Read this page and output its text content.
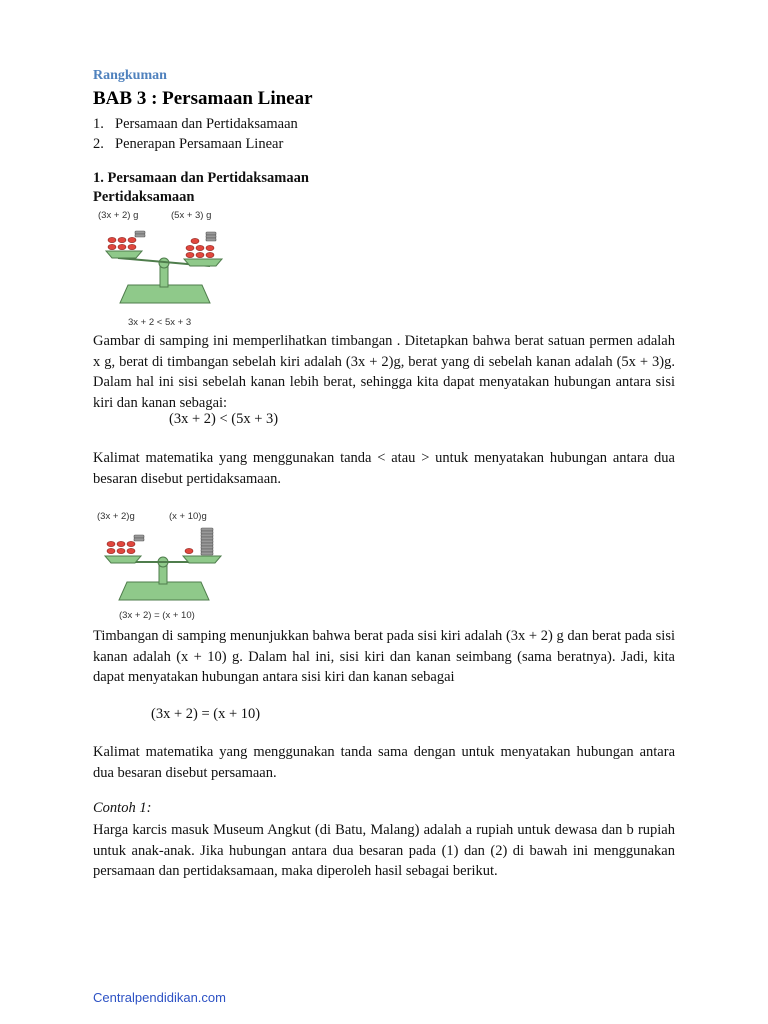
Rangkuman
BAB 3 : Persamaan Linear
1. Persamaan dan Pertidaksamaan
2. Penerapan Persamaan Linear
1. Persamaan dan Pertidaksamaan
Pertidaksamaan
(3x + 2) g	(5x + 3) g
3x + 2 < 5x + 3
Gambar di samping ini memperlihatkan timbangan . Ditetapkan bahwa berat satuan permen adalah x g, berat di timbangan sebelah kiri adalah (3x + 2)g, berat yang di sebelah kanan adalah (5x + 3)g. Dalam hal ini sisi sebelah kanan lebih berat, sehingga kita dapat menyatakan hubungan antara sisi kiri dan kanan sebagai:
(3x + 2) < (5x + 3)
Kalimat matematika yang menggunakan tanda < atau > untuk menyatakan hubungan antara dua besaran disebut pertidaksamaan.
(3x + 2)g	(x + 10)g
(3x + 2) = (x + 10)
Timbangan di samping menunjukkan bahwa berat pada sisi kiri adalah (3x + 2) g dan berat pada sisi kanan adalah (x + 10) g. Dalam hal ini, sisi kiri dan kanan seimbang (sama beratnya). Jadi, kita dapat menyatakan hubungan antara sisi kiri dan kanan sebagai
(3x + 2) = (x + 10)
Kalimat matematika yang menggunakan tanda sama dengan untuk menyatakan hubungan antara dua besaran disebut persamaan.
Contoh 1:
Harga karcis masuk Museum Angkut (di Batu, Malang) adalah a rupiah untuk dewasa dan b rupiah untuk anak-anak. Jika hubungan antara dua besaran pada (1) dan (2) di bawah ini menggunakan persamaan dan pertidaksamaan, maka diperoleh hasil sebagai berikut.
Centralpendidikan.com
